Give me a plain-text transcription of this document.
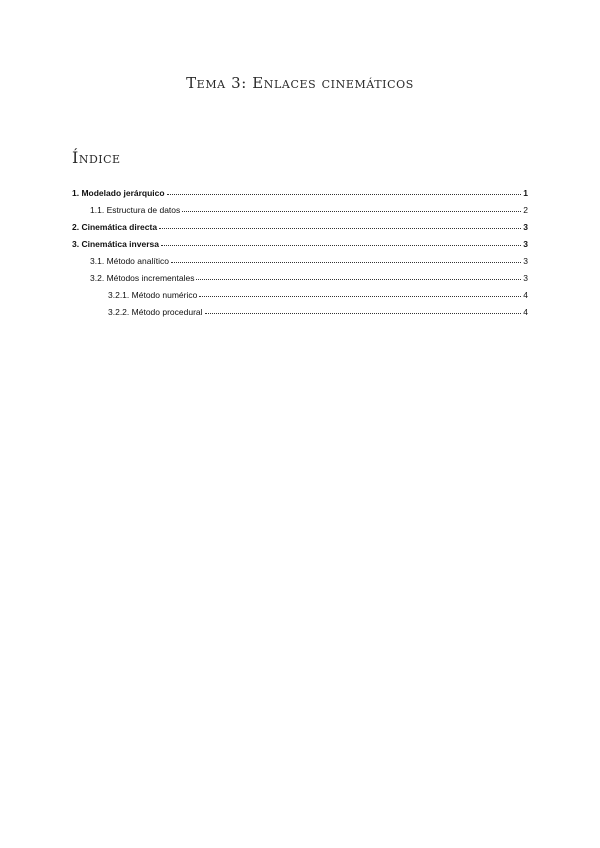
Tema 3: Enlaces cinemáticos
Índice
1. Modelado jerárquico	1
1.1. Estructura de datos	2
2. Cinemática directa	3
3. Cinemática inversa	3
3.1. Método analítico	3
3.2. Métodos incrementales	3
3.2.1. Método numérico	4
3.2.2. Método procedural	4
